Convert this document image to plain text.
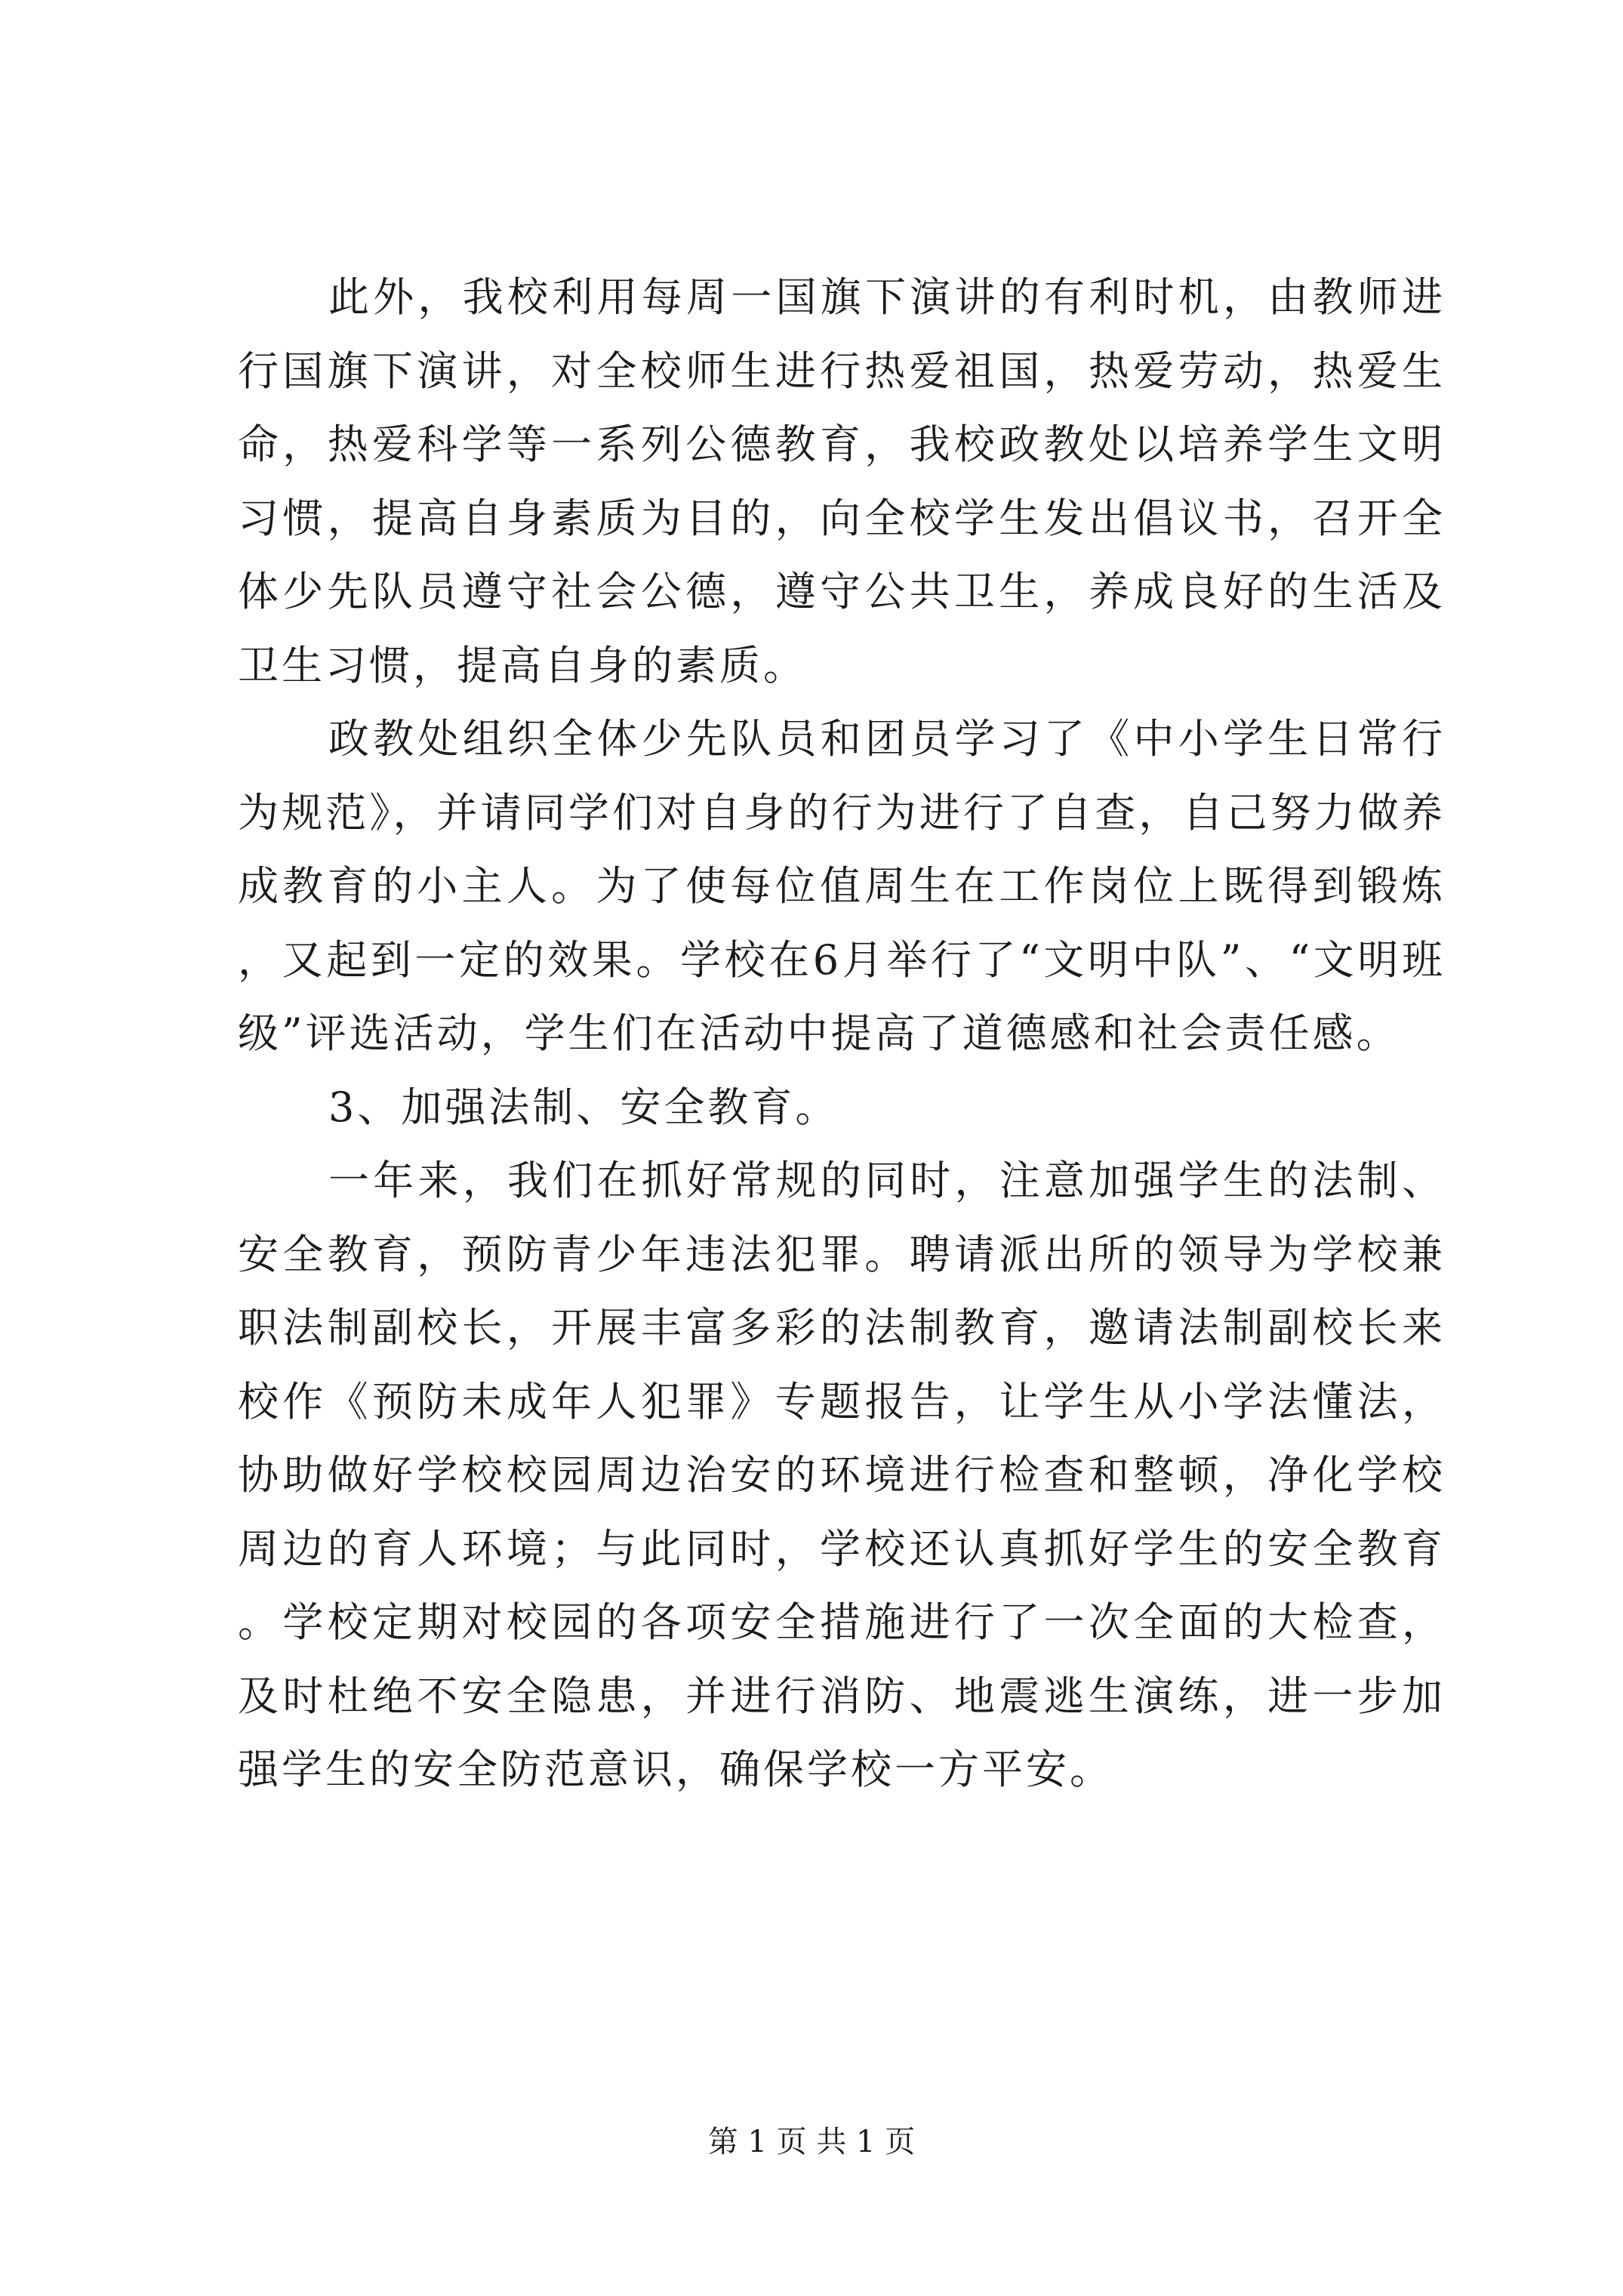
此外，我校利用每周一国旗下演讲的有利时机，由教师进行国旗下演讲，对全校师生进行热爱祖国，热爱劳动，热爱生命，热爱科学等一系列公德教育，我校政教处以培养学生文明习惯，提高自身素质为目的，向全校学生发出倡议书，召开全体少先队员遵守社会公德，遵守公共卫生，养成良好的生活及卫生习惯，提高自身的素质。

政教处组织全体少先队员和团员学习了《中小学生日常行为规范》，并请同学们对自身的行为进行了自查，自己努力做养成教育的小主人。为了使每位值周生在工作岗位上既得到锻炼，又起到一定的效果。学校在6月举行了“文明中队”、“文明班级”评选活动，学生们在活动中提高了道德感和社会责任感。

3、加强法制、安全教育。

一年来，我们在抓好常规的同时，注意加强学生的法制、安全教育，预防青少年违法犯罪。聘请派出所的领导为学校兼职法制副校长，开展丰富多彩的法制教育，邀请法制副校长来校作《预防未成年人犯罪》专题报告，让学生从小学法懂法，协助做好学校校园周边治安的环境进行检查和整顿，净化学校周边的育人环境；与此同时，学校还认真抓好学生的安全教育。学校定期对校园的各项安全措施进行了一次全面的大检查，及时杜绝不安全隐患，并进行消防、地震逃生演练，进一步加强学生的安全防范意识，确保学校一方平安。

第 1 页 共 1 页
